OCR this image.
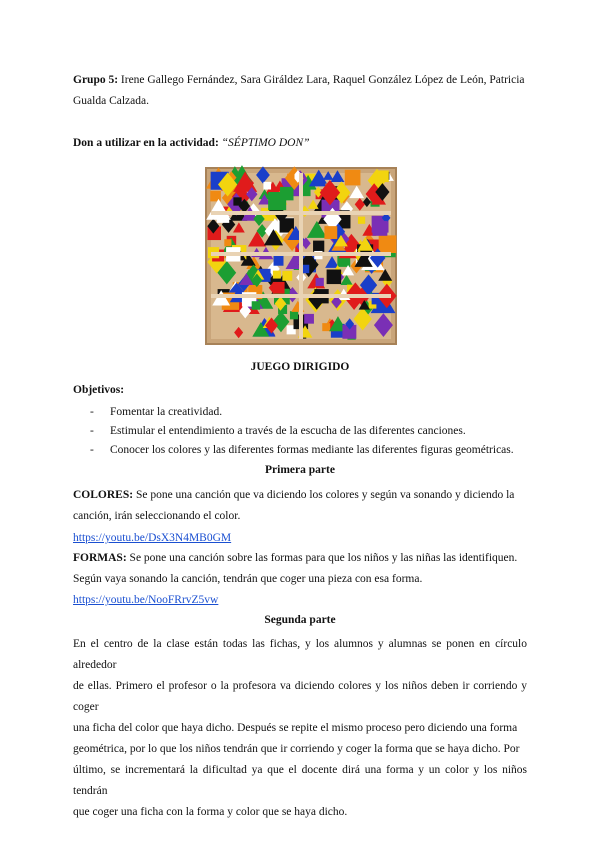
Grupo 5: Irene Gallego Fernández, Sara Giráldez Lara, Raquel González López de León, Patricia
Gualda Calzada.
Don a utilizar en la actividad: “SÉPTIMO DON”
JUEGO DIRIGIDO
Objetivos:
- Fomentar la creatividad.
- Estimular el entendimiento a través de la escucha de las diferentes canciones.
- Conocer los colores y las diferentes formas mediante las diferentes figuras geométricas.
Primera parte
COLORES: Se pone una canción que va diciendo los colores y según va sonando y diciendo la
canción, irán seleccionando el color.
https://youtu.be/DsX3N4MB0GM
FORMAS: Se pone una canción sobre las formas para que los niños y las niñas las identifiquen.
Según vaya sonando la canción, tendrán que coger una pieza con esa forma.
https://youtu.be/NooFRrvZ5vw
Segunda parte
En el centro de la clase están todas las fichas, y los alumnos y alumnas se ponen en círculo alrededor
de ellas. Primero el profesor o la profesora va diciendo colores y los niños deben ir corriendo y coger
una ficha del color que haya dicho. Después se repite el mismo proceso pero diciendo una forma
geométrica, por lo que los niños tendrán que ir corriendo y coger la forma que se haya dicho. Por
último, se incrementará la dificultad ya que el docente dirá una forma y un color y los niños tendrán
que coger una ficha con la forma y color que se haya dicho.
